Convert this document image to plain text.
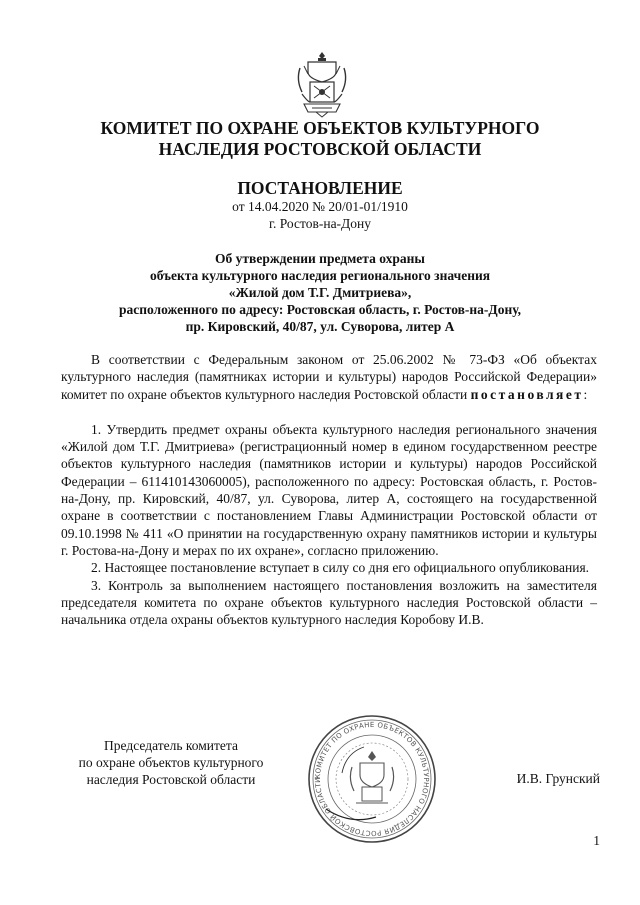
КОМИТЕТ ПО ОХРАНЕ ОБЪЕКТОВ КУЛЬТУРНОГО
НАСЛЕДИЯ РОСТОВСКОЙ ОБЛАСТИ
ПОСТАНОВЛЕНИЕ
от 14.04.2020 № 20/01-01/1910
г. Ростов-на-Дону
Об утверждении предмета охраны
объекта культурного наследия регионального значения
«Жилой дом Т.Г. Дмитриева»,
расположенного по адресу: Ростовская область, г. Ростов-на-Дону,
пр. Кировский, 40/87, ул. Суворова, литер А

В соответствии с Федеральным законом от 25.06.2002 № 73-ФЗ «Об объектах культурного наследия (памятниках истории и культуры) народов Российской Федерации» комитет по охране объектов культурного наследия Ростовской области постановляет:

1. Утвердить предмет охраны объекта культурного наследия регионального значения «Жилой дом Т.Г. Дмитриева» (регистрационный номер в едином государственном реестре объектов культурного наследия (памятников истории и культуры) народов Российской Федерации – 611410143060005), расположенного по адресу: Ростовская область, г. Ростов-на-Дону, пр. Кировский, 40/87, ул. Суворова, литер А, состоящего на государственной охране в соответствии с постановлением Главы Администрации Ростовской области от 09.10.1998 № 411 «О принятии на государственную охрану памятников истории и культуры г. Ростова-на-Дону и мерах по их охране», согласно приложению.

2. Настоящее постановление вступает в силу со дня его официального опубликования.

3. Контроль за выполнением настоящего постановления возложить на заместителя председателя комитета по охране объектов культурного наследия Ростовской области – начальника отдела охраны объектов культурного наследия Коробову И.В.

Председатель комитета
по охране объектов культурного
наследия Ростовской области	КОМИТЕТ ПО ОХРАНЕ ОБЪЕКТОВ КУЛЬТУРНОГО НАСЛЕДИЯ РОСТОВСКОЙ ОБЛАСТИ	И.В. Грунский
1
